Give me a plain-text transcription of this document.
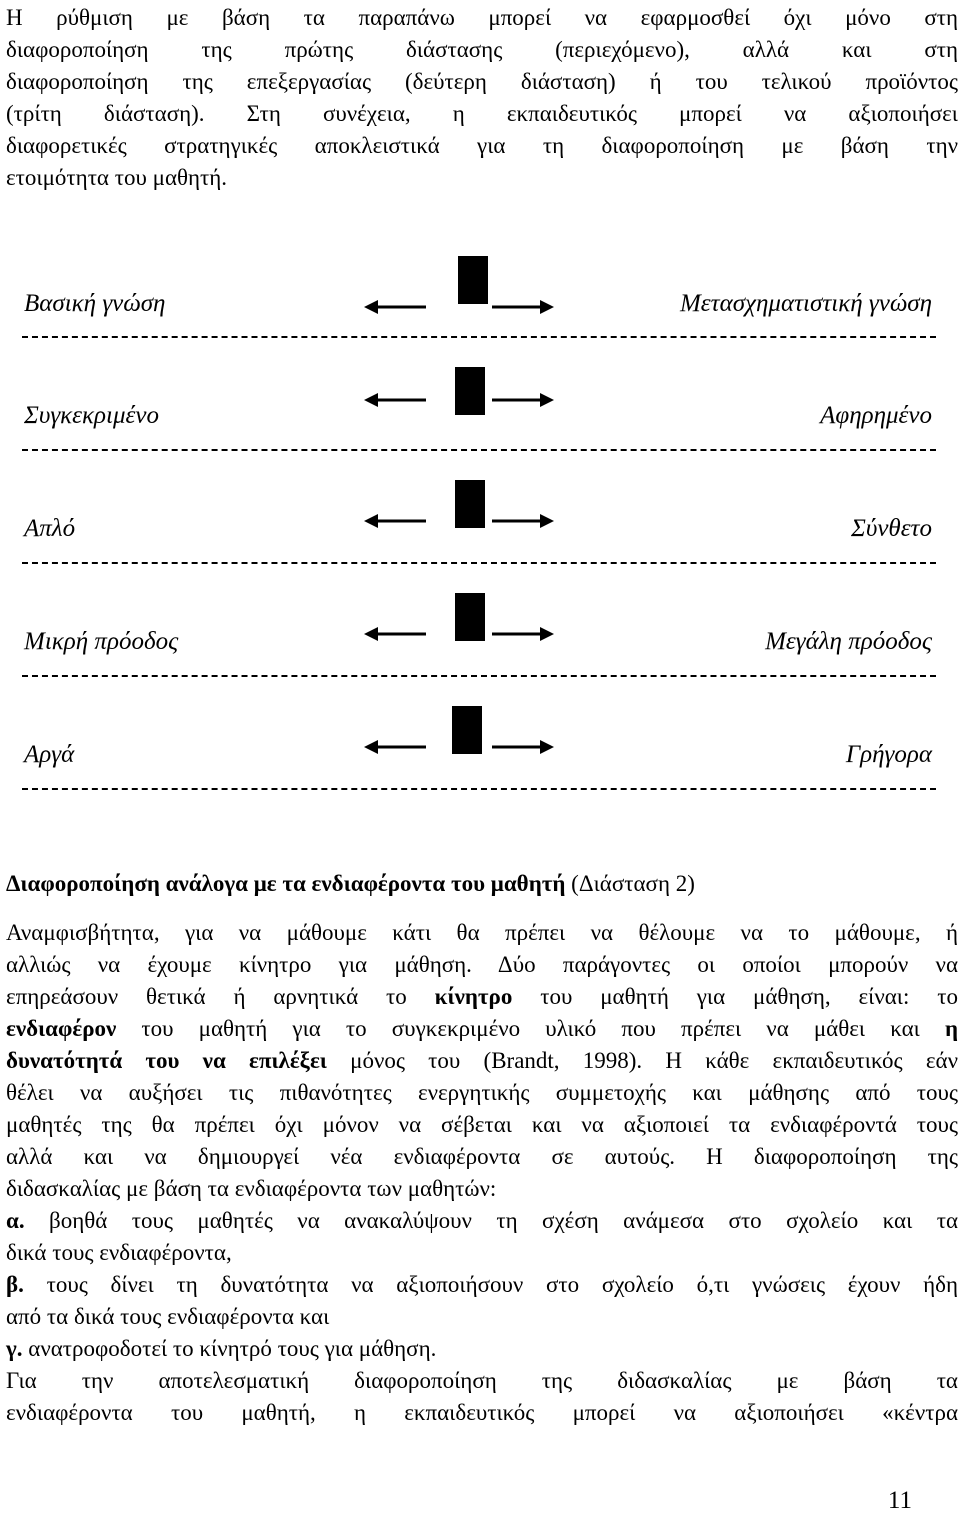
Η ρύθμιση με βάση τα παραπάνω μπορεί να εφαρμοσθεί όχι μόνο στη
διαφοροποίηση της πρώτης διάστασης (περιεχόμενο), αλλά και στη
διαφοροποίηση της επεξεργασίας (δεύτερη διάσταση) ή του τελικού προϊόντος
(τρίτη διάσταση). Στη συνέχεια, η εκπαιδευτικός μπορεί να αξιοποιήσει
διαφορετικές στρατηγικές αποκλειστικά για τη διαφοροποίηση με βάση την
ετοιμότητα του μαθητή.
Βασική γνώση	Μετασχηματιστική γνώση
Συγκεκριμένο	Αφηρημένο
Απλό	Σύνθετο
Μικρή πρόοδος	Μεγάλη πρόοδος
Αργά	Γρήγορα
Διαφοροποίηση ανάλογα με τα ενδιαφέροντα του μαθητή (Διάσταση 2)
Αναμφισβήτητα, για να μάθουμε κάτι θα πρέπει να θέλουμε να το μάθουμε, ή
αλλιώς να έχουμε κίνητρο για μάθηση. Δύο παράγοντες οι οποίοι μπορούν να
επηρεάσουν θετικά ή αρνητικά το κίνητρο του μαθητή για μάθηση, είναι: το
ενδιαφέρον του μαθητή για το συγκεκριμένο υλικό που πρέπει να μάθει και η
δυνατότητά του να επιλέξει μόνος του (Brandt, 1998). Η κάθε εκπαιδευτικός εάν
θέλει να αυξήσει τις πιθανότητες ενεργητικής συμμετοχής και μάθησης από τους
μαθητές της θα πρέπει όχι μόνον να σέβεται και να αξιοποιεί τα ενδιαφέροντά τους
αλλά και να δημιουργεί νέα ενδιαφέροντα σε αυτούς. Η διαφοροποίηση της
διδασκαλίας με βάση τα ενδιαφέροντα των μαθητών:
α. βοηθά τους μαθητές να ανακαλύψουν τη σχέση ανάμεσα στο σχολείο και τα
δικά τους ενδιαφέροντα,
β. τους δίνει τη δυνατότητα να αξιοποιήσουν στο σχολείο ό,τι γνώσεις έχουν ήδη
από τα δικά τους ενδιαφέροντα και
γ. ανατροφοδοτεί το κίνητρό τους για μάθηση.
Για την αποτελεσματική διαφοροποίηση της διδασκαλίας με βάση τα
ενδιαφέροντα του μαθητή, η εκπαιδευτικός μπορεί να αξιοποιήσει «κέντρα
11
